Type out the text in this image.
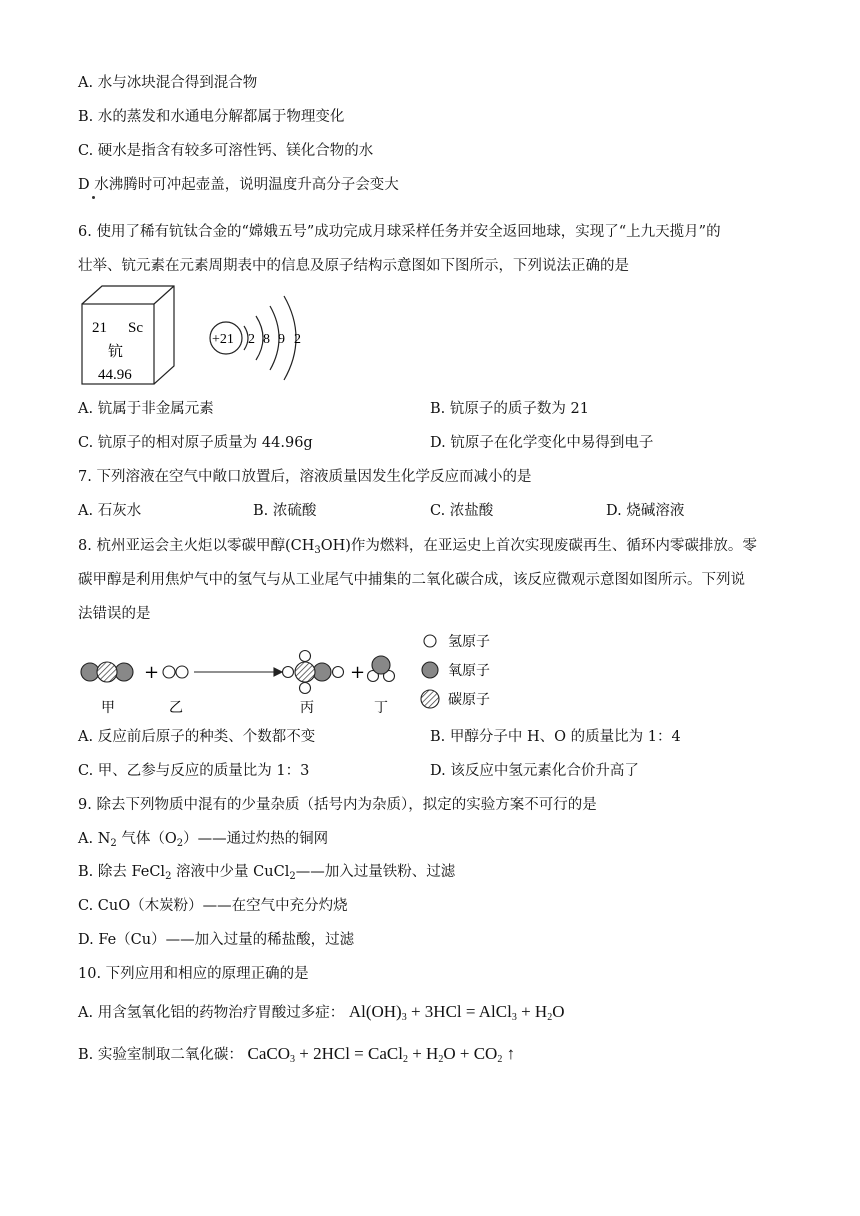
A. 水与冰块混合得到混合物
B. 水的蒸发和水通电分解都属于物理变化
C. 硬水是指含有较多可溶性钙、镁化合物的水
D 水沸腾时可冲起壶盖，说明温度升高分子会变大
6. 使用了稀有钪钛合金的“嫦娥五号”成功完成月球采样任务并安全返回地球，实现了“上九天揽月”的
壮举、钪元素在元素周期表中的信息及原子结构示意图如下图所示，下列说法正确的是
21 Sc
钪
44.96
+21 2 8 9 2
A. 钪属于非金属元素	B. 钪原子的质子数为 21
C. 钪原子的相对原子质量为 44.96g	D. 钪原子在化学变化中易得到电子
7. 下列溶液在空气中敞口放置后，溶液质量因发生化学反应而减小的是
A. 石灰水	B. 浓硫酸	C. 浓盐酸	D. 烧碱溶液
8. 杭州亚运会主火炬以零碳甲醇$(CH_3OH)$作为燃料，在亚运史上首次实现废碳再生、循环内零碳排放。零
碳甲醇是利用焦炉气中的氢气与从工业尾气中捕集的二氧化碳合成，该反应微观示意图如图所示。下列说
法错误的是
+	+
甲	乙	丙	丁
氢原子
氧原子
碳原子
A. 反应前后原子的种类、个数都不变	B. 甲醇分子中 H、O 的质量比为 1：4
C. 甲、乙参与反应的质量比为 1：3	D. 该反应中氢元素化合价升高了
9. 除去下列物质中混有的少量杂质（括号内为杂质），拟定的实验方案不可行的是
A. $N_2$ 气体$(O_2)——$通过灼热的铜网
B. 除去 FeCl$_2$ 溶液中少量 CuCl$_2$——加入过量铁粉、过滤
C. CuO（木炭粉）——在空气中充分灼烧
D. Fe（Cu）——加入过量的稀盐酸，过滤
10. 下列应用和相应的原理正确的是
A. 用含氢氧化铝的药物治疗胃酸过多症： $Al(OH)_3 + 3HCl$ = AlCl$_3$ + $H_2O$
B. 实验室制取二氧化碳： CaCO$_3$ + 2HCl = CaCl$_2$ + $H_2O + CO_2$ ↑
